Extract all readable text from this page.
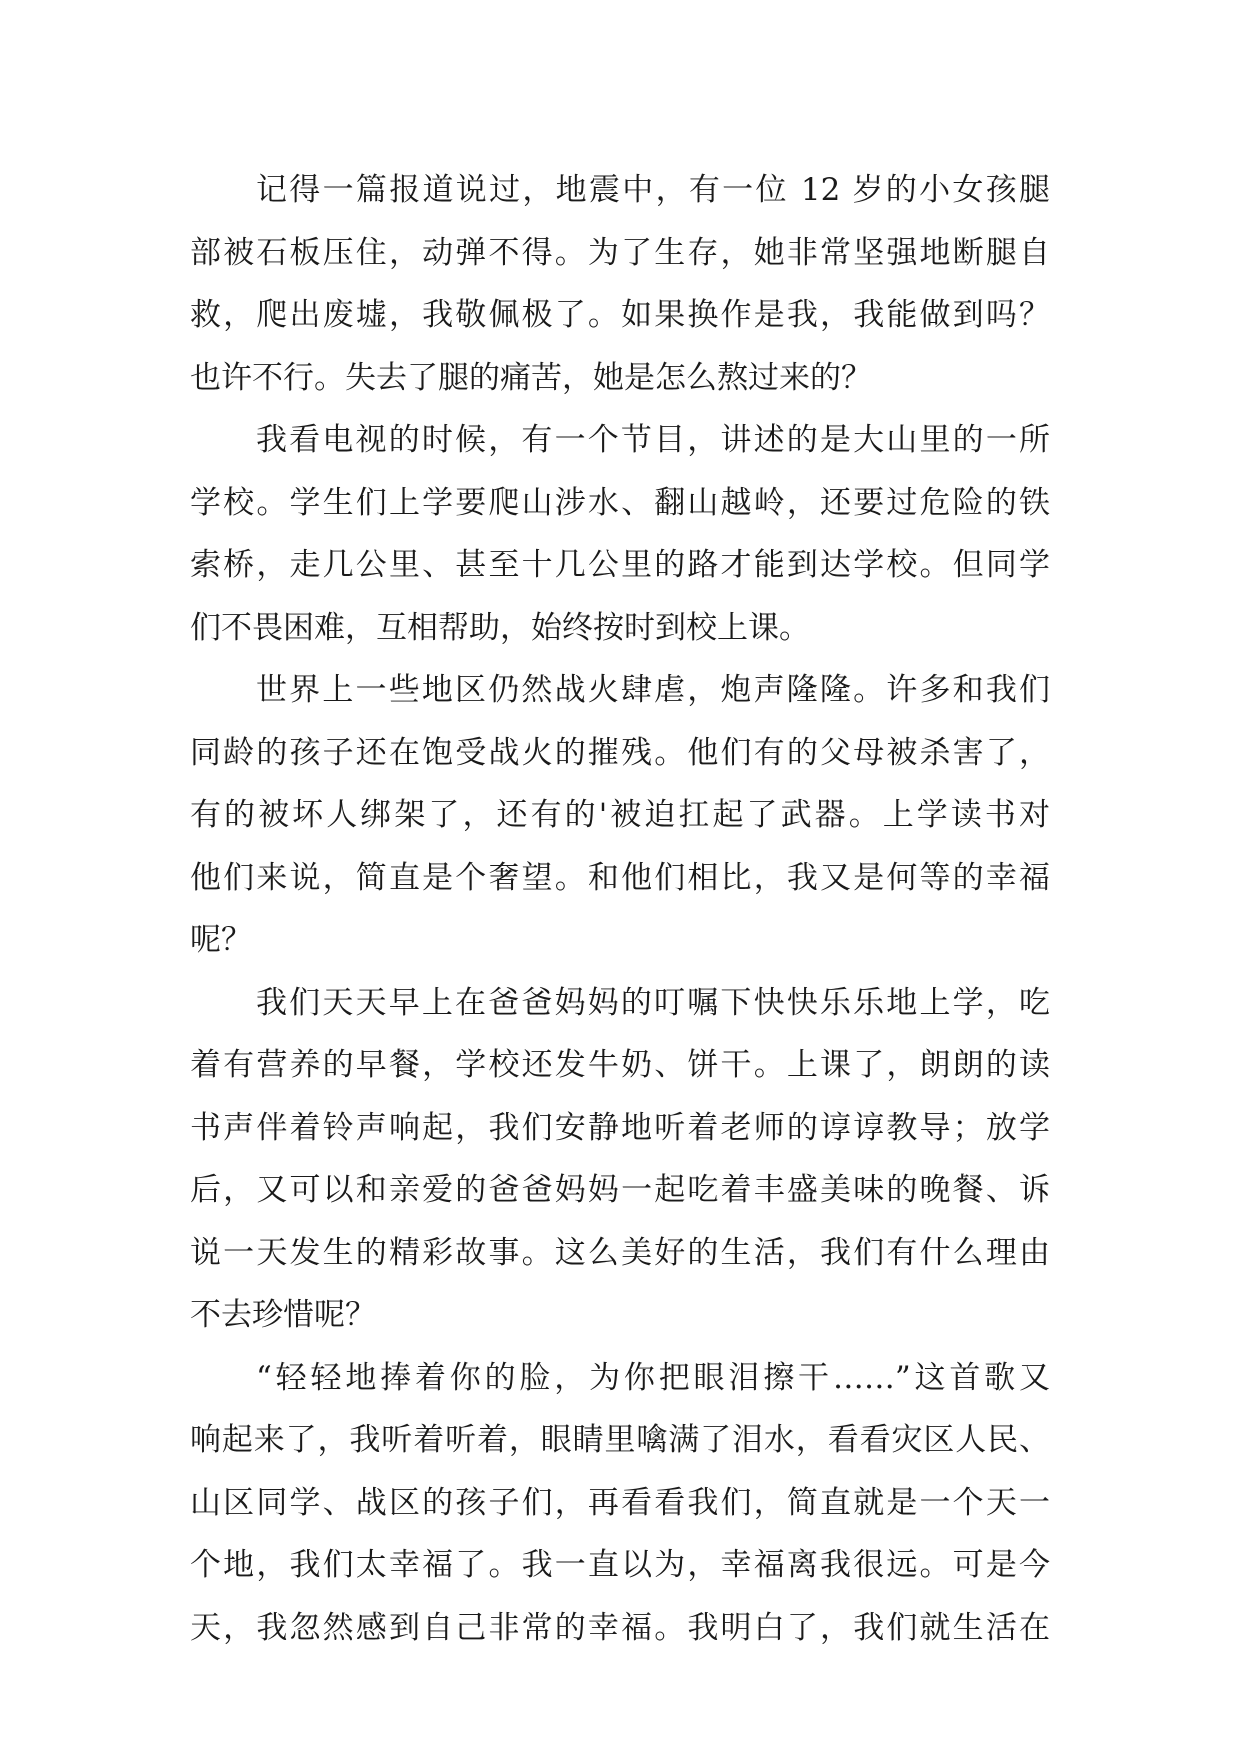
记得一篇报道说过，地震中，有一位 12 岁的小女孩腿
部被石板压住，动弹不得。为了生存，她非常坚强地断腿自
救，爬出废墟，我敬佩极了。如果换作是我，我能做到吗？
也许不行。失去了腿的痛苦，她是怎么熬过来的？
我看电视的时候，有一个节目，讲述的是大山里的一所
学校。学生们上学要爬山涉水、翻山越岭，还要过危险的铁
索桥，走几公里、甚至十几公里的路才能到达学校。但同学
们不畏困难，互相帮助，始终按时到校上课。
世界上一些地区仍然战火肆虐，炮声隆隆。许多和我们
同龄的孩子还在饱受战火的摧残。他们有的父母被杀害了，
有的被坏人绑架了，还有的'被迫扛起了武器。上学读书对
他们来说，简直是个奢望。和他们相比，我又是何等的幸福
呢？
我们天天早上在爸爸妈妈的叮嘱下快快乐乐地上学，吃
着有营养的早餐，学校还发牛奶、饼干。上课了，朗朗的读
书声伴着铃声响起，我们安静地听着老师的谆谆教导；放学
后，又可以和亲爱的爸爸妈妈一起吃着丰盛美味的晚餐、诉
说一天发生的精彩故事。这么美好的生活，我们有什么理由
不去珍惜呢？
“轻轻地捧着你的脸，为你把眼泪擦干……”这首歌又
响起来了，我听着听着，眼睛里噙满了泪水，看看灾区人民、
山区同学、战区的孩子们，再看看我们，简直就是一个天一
个地，我们太幸福了。我一直以为，幸福离我很远。可是今
天，我忽然感到自己非常的幸福。我明白了，我们就生活在
